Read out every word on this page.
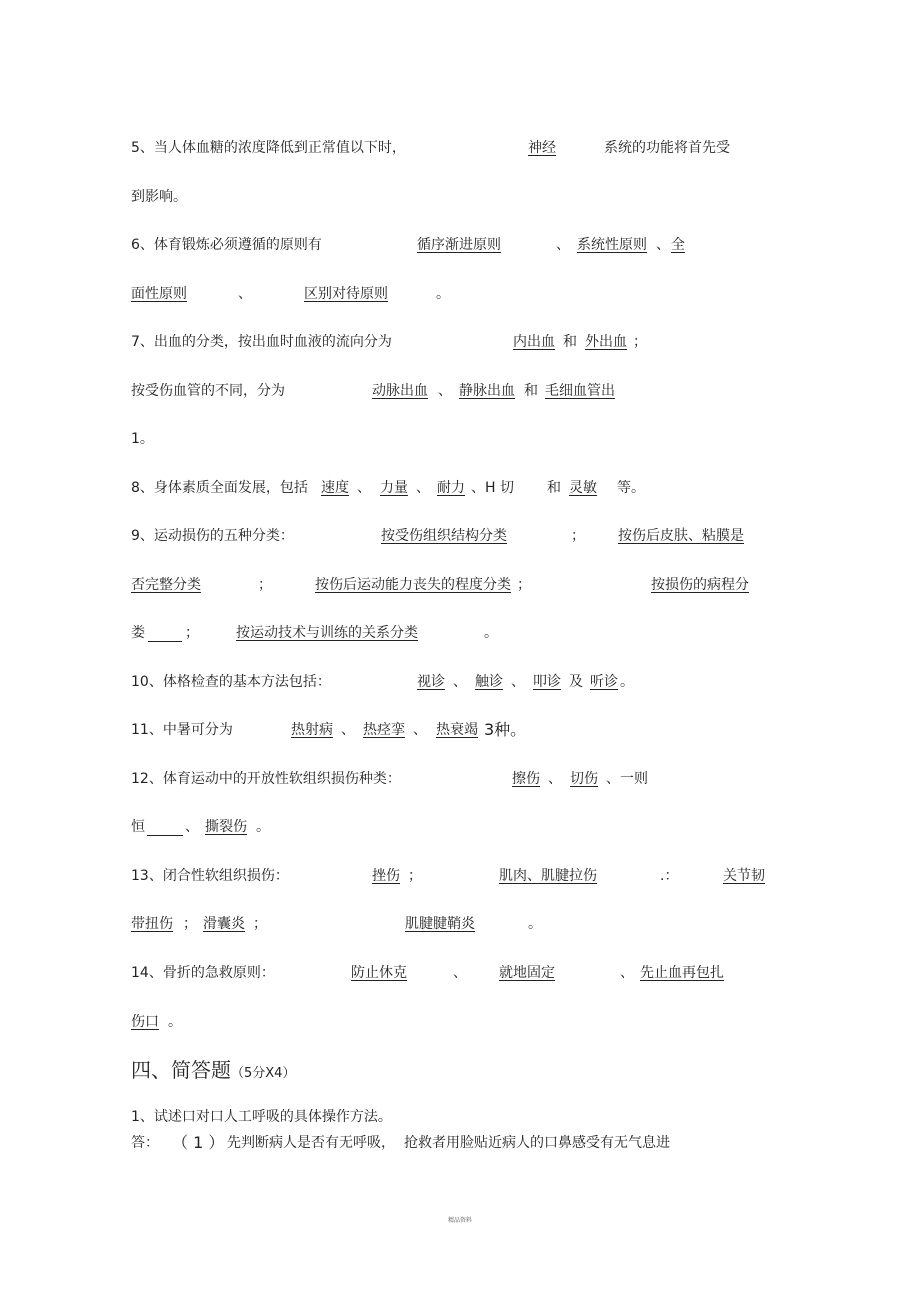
5、当人体血糖的浓度降低到正常值以下时，	神经	系统的功能将首先受
到影响。
6、体育锻炼必须遵循的原则有	循序渐进原则	、 系统性原则 、 全
面性原则	、	区别对待原则	。
7、出血的分类，按出血时血液的流向分为	内出血 和 外出血 ；
按受伤血管的不同，分为	动脉出血 、 静脉出血 和 毛细血管出
1。
8、身体素质全面发展，包括 速度 、 力量 、 耐力 、H 切 和 灵敏 等。
9、运动损伤的五种分类：	按受伤组织结构分类	； 按伤后皮肤、粘膜是
否完整分类	；	按伤后运动能力丧失的程度分类 ；	按损伤的病程分
娄	；	按运动技术与训练的关系分类	。
10、体格检查的基本方法包括：	视诊 、 触诊 、 叩诊 及 听诊 。
11、中暑可分为	热射病 、 热痉挛 、 热衰竭 3种。
12、体育运动中的开放性软组织损伤种类：	擦伤 、 切伤 、一则
恒	、 撕裂伤 。
13、闭合性软组织损伤：	挫伤 ；	肌肉、肌腱拉伤	.：	关节韧
带扭伤 ； 滑囊炎 ；	肌腱腱鞘炎	。
14、骨折的急救原则：	防止休克	、 就地固定	、 先止血再包扎
伤口 。
四、简答题（5分X4）
1、试述口对口人工呼吸的具体操作方法。
答： （ 1 ） 先判断病人是否有无呼吸， 抢救者用脸贴近病人的口鼻感受有无气息进
精品资料
